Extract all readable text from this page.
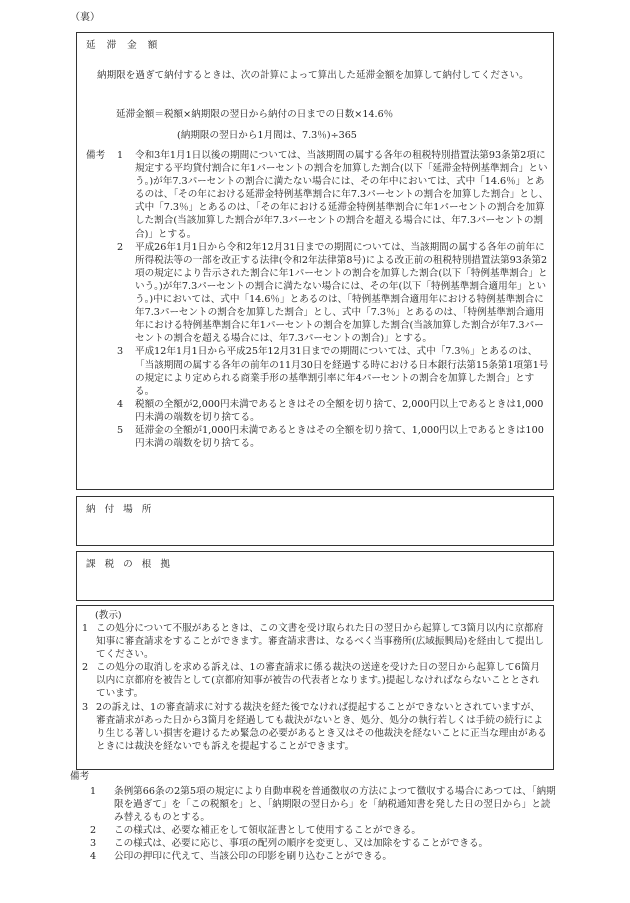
（裏）
延滞金額
納期限を過ぎて納付するときは、次の計算によって算出した延滞金額を加算して納付してください。
延滞金額＝税額×納期限の翌日から納付の日までの日数×14.6％
(納期限の翌日から1月間は、7.3％)÷365
備考 1 令和3年1月1日以後の期間については、当該期間の属する各年の租税特別措置法第93条第2項に規定する平均貸付割合に年1パーセントの割合を加算した割合(以下「延滞金特例基準割合」という。)が年7.3パーセントの割合に満たない場合には、その年中においては、式中「14.6％」とあるのは、「その年における延滞金特例基準割合に年7.3パーセントの割合を加算した割合」とし、式中「7.3％」とあるのは、「その年における延滞金特例基準割合に年1パーセントの割合を加算した割合(当該加算した割合が年7.3パーセントの割合を超える場合には、年7.3パーセントの割合)」とする。
2 平成26年1月1日から令和2年12月31日までの期間については、当該期間の属する各年の前年に所得税法等の一部を改正する法律(令和2年法律第8号)による改正前の租税特別措置法第93条第2項の規定により告示された割合に年1パーセントの割合を加算した割合(以下「特例基準割合」という。)が年7.3パーセントの割合に満たない場合には、その年(以下「特例基準割合適用年」という。)中においては、式中「14.6％」とあるのは、「特例基準割合適用年における特例基準割合に年7.3パーセントの割合を加算した割合」とし、式中「7.3％」とあるのは、「特例基準割合適用年における特例基準割合に年1パーセントの割合を加算した割合(当該加算した割合が年7.3パーセントの割合を超える場合には、年7.3パーセントの割合)」とする。
3 平成12年1月1日から平成25年12月31日までの期間については、式中「7.3％」とあるのは、「当該期間の属する各年の前年の11月30日を経過する時における日本銀行法第15条第1項第1号の規定により定められる商業手形の基準割引率に年4パーセントの割合を加算した割合」とする。
4 税額の全額が2,000円未満であるときはその全額を切り捨て、2,000円以上であるときは1,000円未満の端数を切り捨てる。
5 延滞金の全額が1,000円未満であるときはその全額を切り捨て、1,000円以上であるときは100円未満の端数を切り捨てる。
納付場所
課税の根拠
(教示)
1 この処分について不服があるときは、この文書を受け取られた日の翌日から起算して3箇月以内に京都府知事に審査請求をすることができます。審査請求書は、なるべく当事務所(広域振興局)を経由して提出してください。
2 この処分の取消しを求める訴えは、1の審査請求に係る裁決の送達を受けた日の翌日から起算して6箇月以内に京都府を被告として(京都府知事が被告の代表者となります。)提起しなければならないこととされています。
3 2の訴えは、1の審査請求に対する裁決を経た後でなければ提起することができないとされていますが、審査請求があった日から3箇月を経過しても裁決がないとき、処分、処分の執行若しくは手続の続行により生じる著しい損害を避けるため緊急の必要があるとき又はその他裁決を経ないことに正当な理由があるときには裁決を経ないでも訴えを提起することができます。
備考
1 条例第66条の2第5項の規定により自動車税を普通徴収の方法によつて徴収する場合にあつては、「納期限を過ぎて」を「この税額を」と、「納期限の翌日から」を「納税通知書を発した日の翌日から」と読み替えるものとする。
2 この様式は、必要な補正をして領収証書として使用することができる。
3 この様式は、必要に応じ、事項の配列の順序を変更し、又は加除をすることができる。
4 公印の押印に代えて、当該公印の印影を刷り込むことができる。
